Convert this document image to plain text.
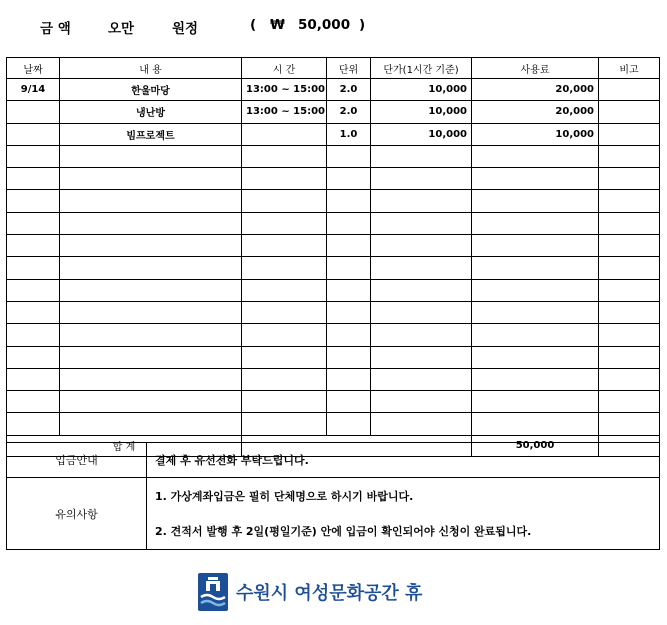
금 액	오만	원정	( ₩ 50,000 )
날짜	내 용	시 간	단위	단가(1시간 기준)	사용료	비고
9/14	한울마당	13:00 ~ 15:00	2.0	10,000	20,000	
	냉난방	13:00 ~ 15:00	2.0	10,000	20,000	
	빔프로젝트		1.0	10,000	10,000	

합 계					50,000	
입금안내	결제 후 유선전화 부탁드립니다.
유의사항	1. 가상계좌입금은 필히 단체명으로 하시기 바랍니다.
2. 견적서 발행 후 2일(평일기준) 안에 입금이 확인되어야 신청이 완료됩니다.
수원시 여성문화공간 휴
